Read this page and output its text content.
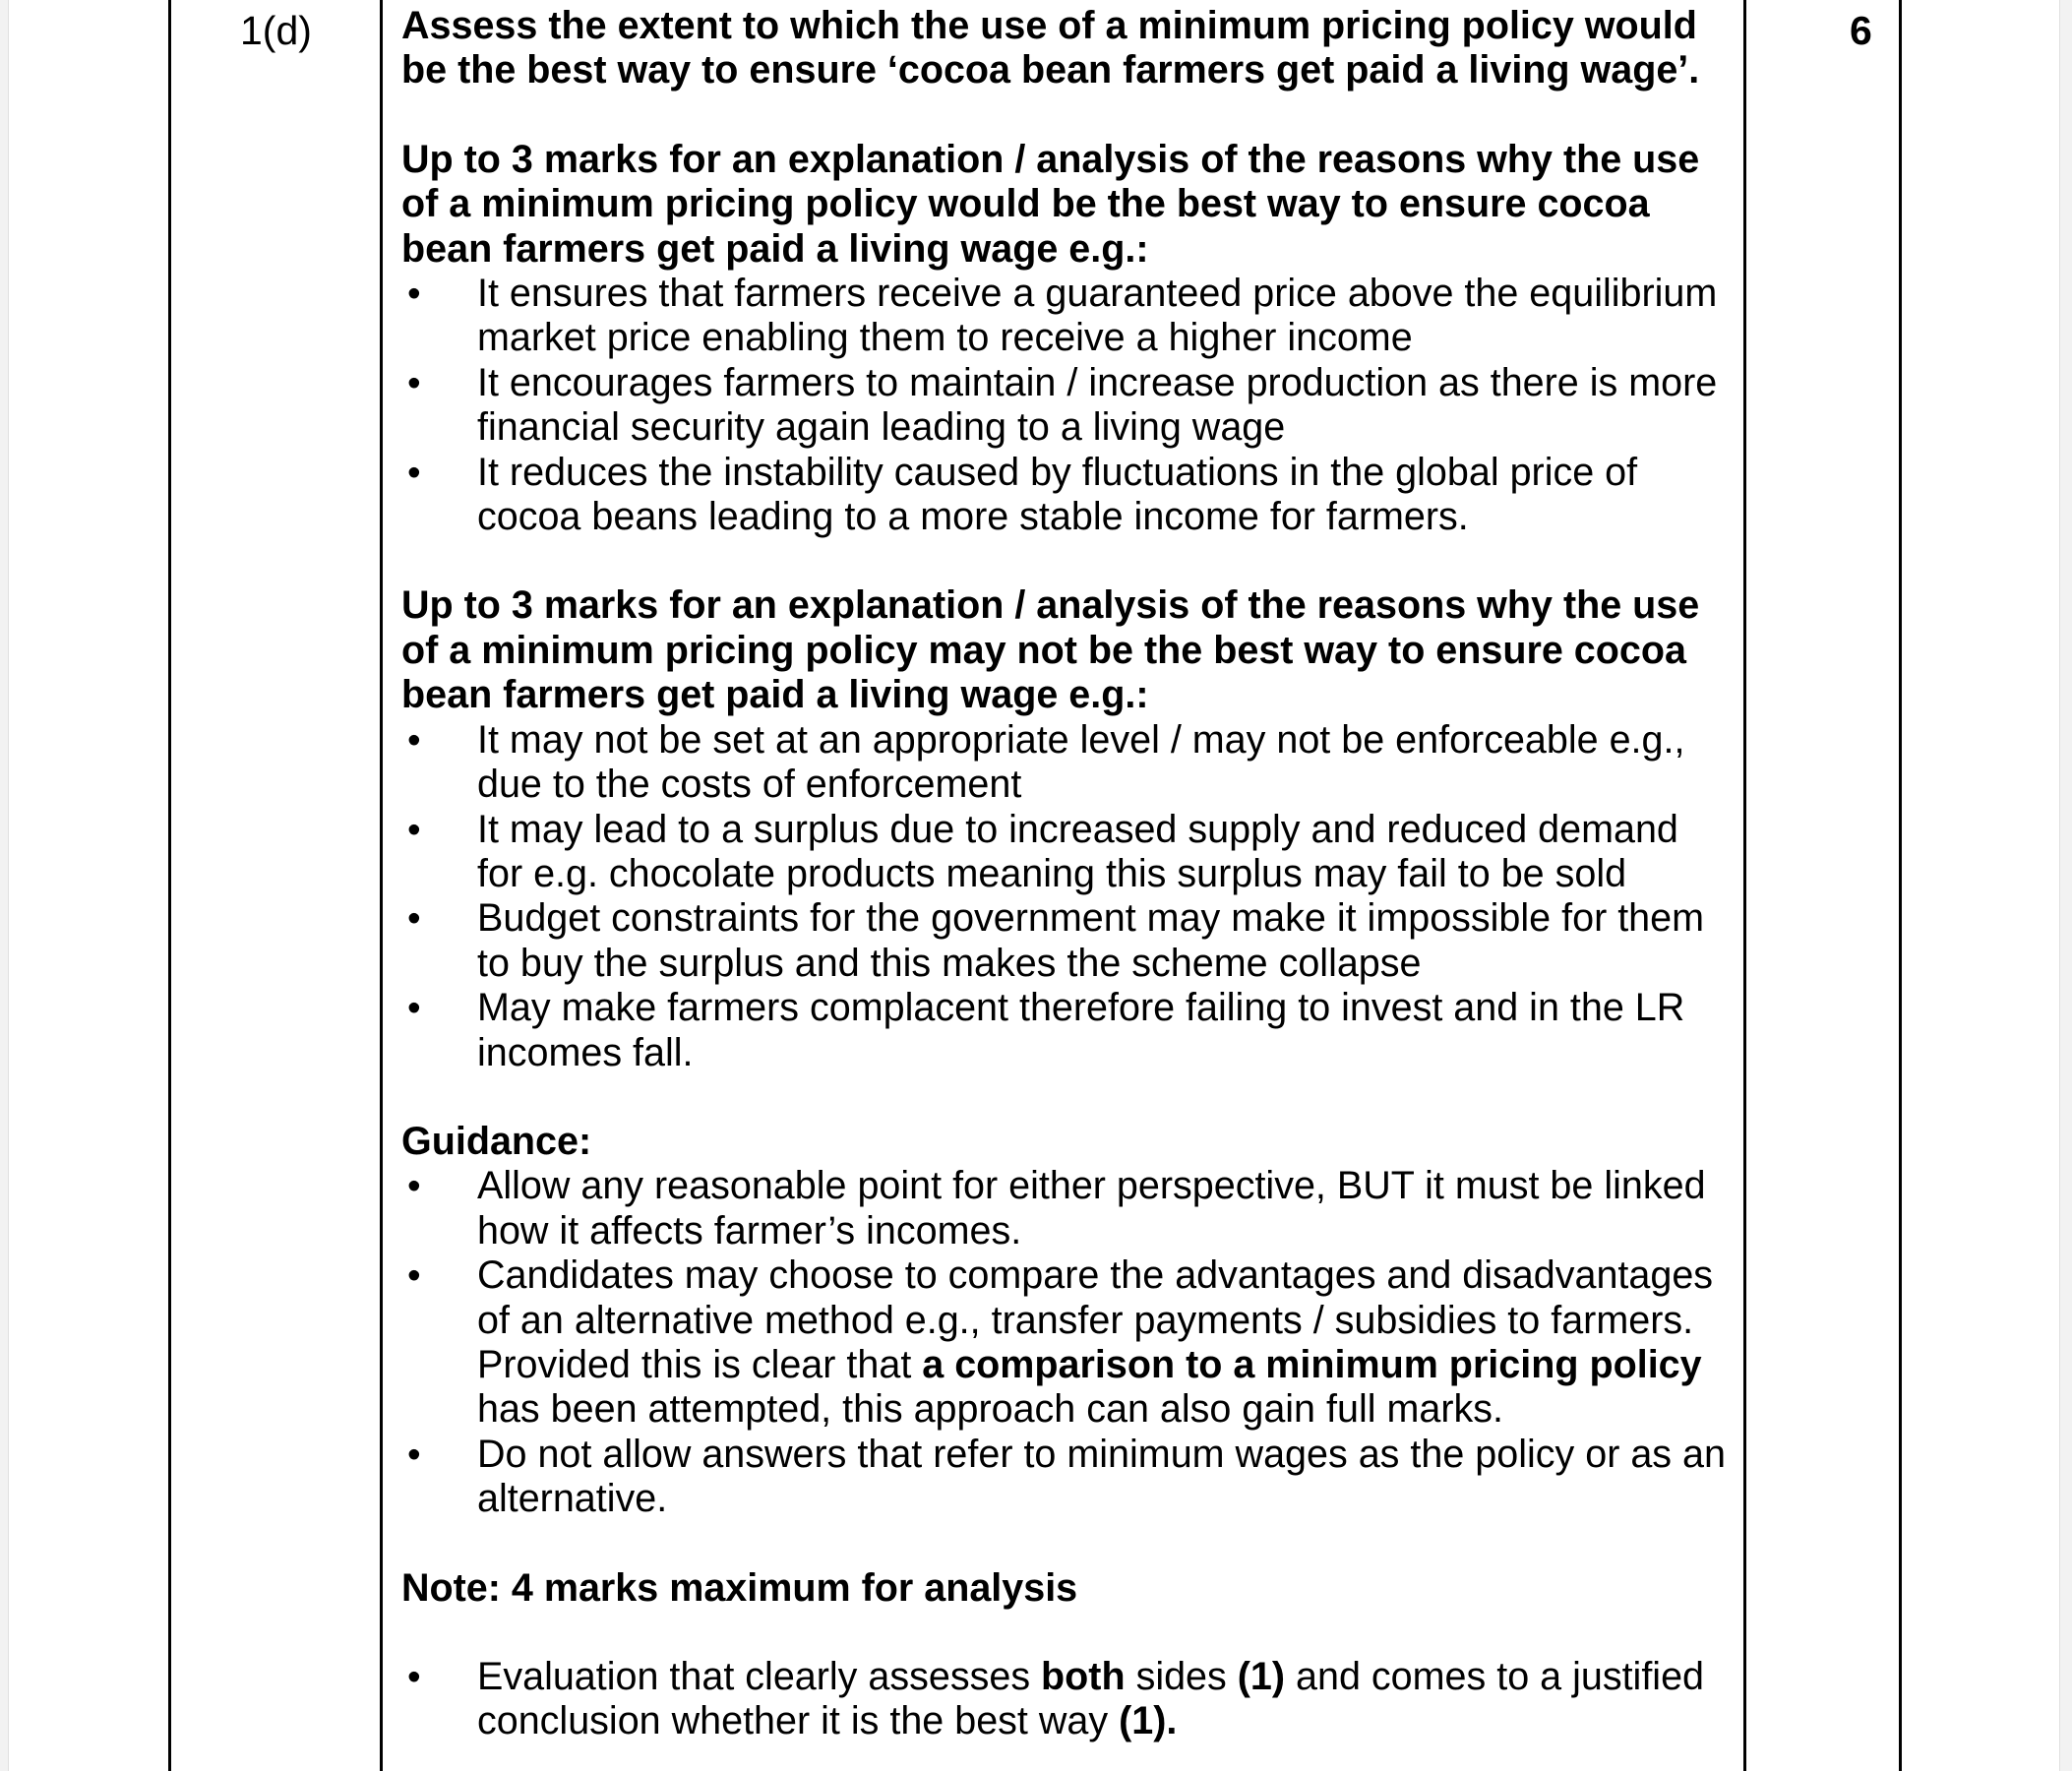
1(d)	6

Assess the extent to which the use of a minimum pricing policy would be the best way to ensure ‘cocoa bean farmers get paid a living wage’.

Up to 3 marks for an explanation / analysis of the reasons why the use of a minimum pricing policy would be the best way to ensure cocoa bean farmers get paid a living wage e.g.:

• It ensures that farmers receive a guaranteed price above the equilibrium market price enabling them to receive a higher income
• It encourages farmers to maintain / increase production as there is more financial security again leading to a living wage
• It reduces the instability caused by fluctuations in the global price of cocoa beans leading to a more stable income for farmers.

Up to 3 marks for an explanation / analysis of the reasons why the use of a minimum pricing policy may not be the best way to ensure cocoa bean farmers get paid a living wage e.g.:

• It may not be set at an appropriate level / may not be enforceable e.g., due to the costs of enforcement
• It may lead to a surplus due to increased supply and reduced demand for e.g. chocolate products meaning this surplus may fail to be sold
• Budget constraints for the government may make it impossible for them to buy the surplus and this makes the scheme collapse
• May make farmers complacent therefore failing to invest and in the LR incomes fall.

Guidance:

• Allow any reasonable point for either perspective, BUT it must be linked how it affects farmer’s incomes.
• Candidates may choose to compare the advantages and disadvantages of an alternative method e.g., transfer payments / subsidies to farmers. Provided this is clear that a comparison to a minimum pricing policy has been attempted, this approach can also gain full marks.
• Do not allow answers that refer to minimum wages as the policy or as an alternative.

Note: 4 marks maximum for analysis

• Evaluation that clearly assesses both sides (1) and comes to a justified conclusion whether it is the best way (1).
